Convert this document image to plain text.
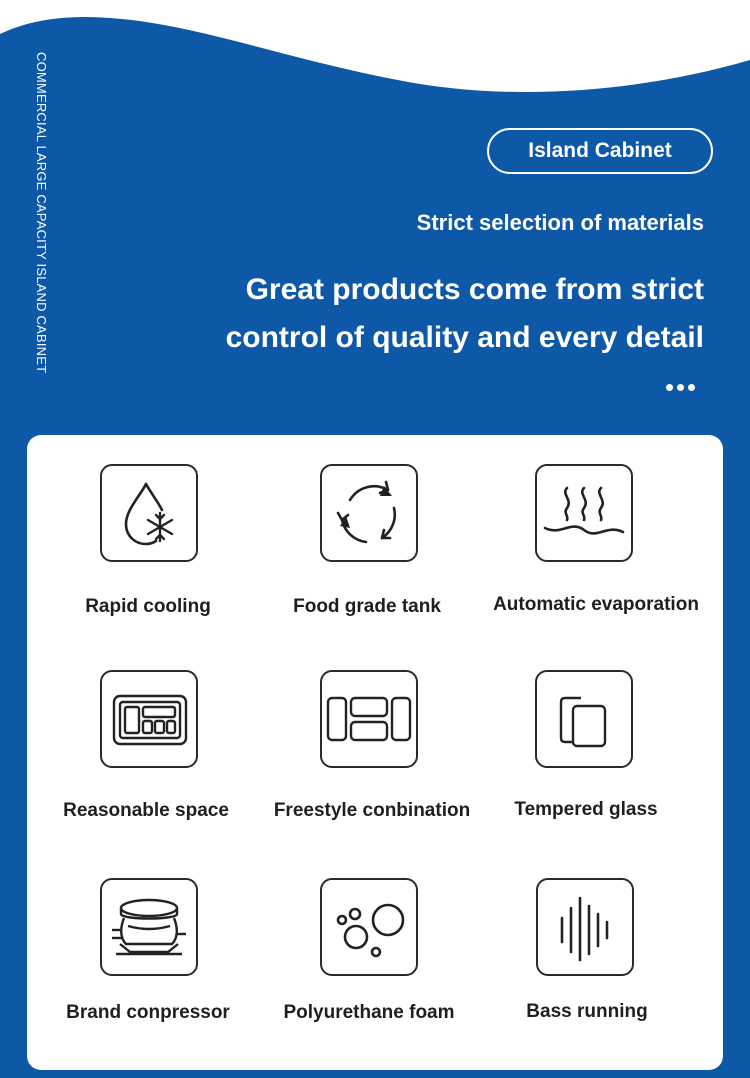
COMMERCIAL LARGE CAPACITY ISLAND CABINET	Island Cabinet
Strict selection of materials
Great products come from strict
control of quality and every detail
Rapid cooling	Food grade tank	Automatic evaporation
Reasonable space Freestyle conbination Tempered glass
Brand conpressor	Polyurethane foam	Bass running
